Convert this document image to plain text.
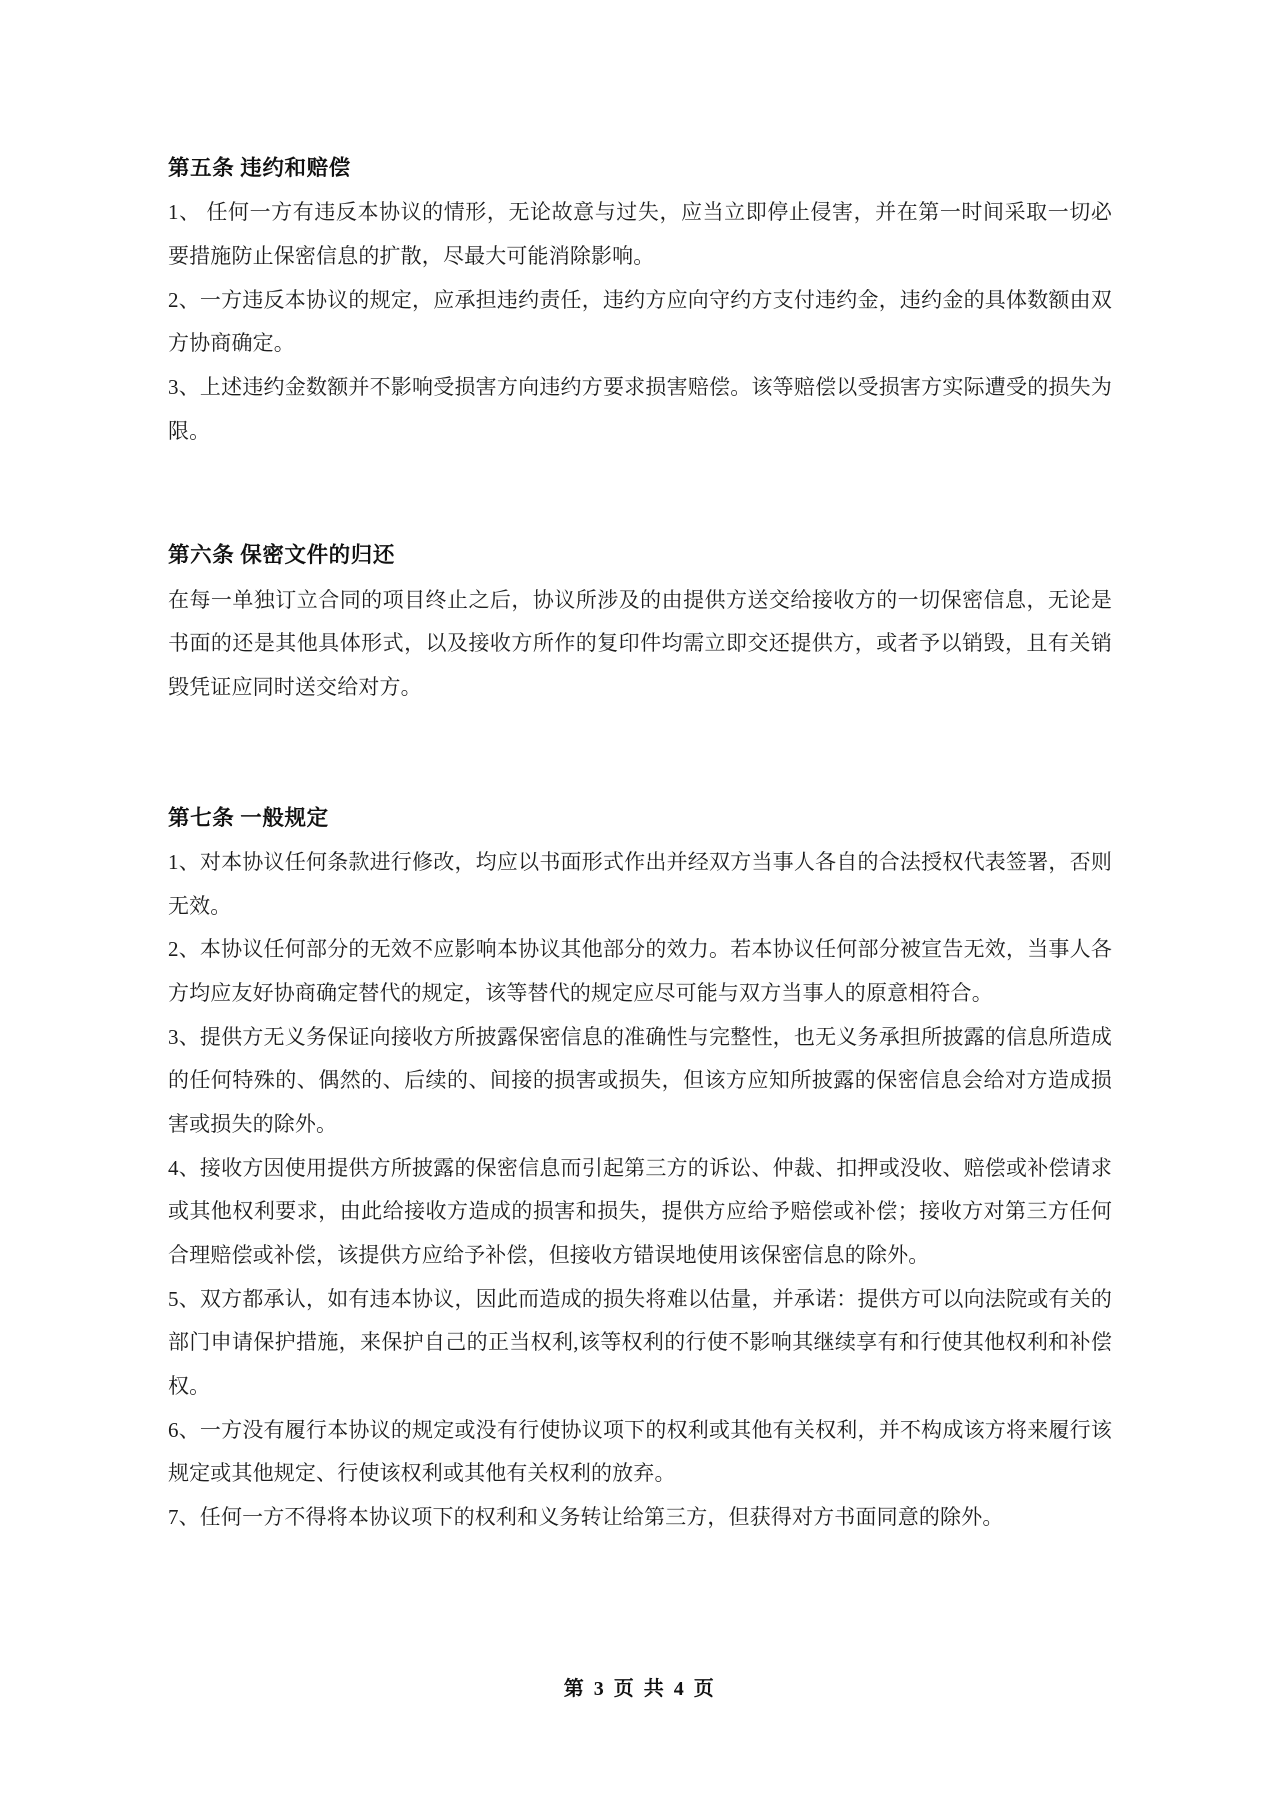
第五条 违约和赔偿

1、 任何一方有违反本协议的情形，无论故意与过失，应当立即停止侵害，并在第一时间采取一切必要措施防止保密信息的扩散，尽最大可能消除影响。

2、一方违反本协议的规定，应承担违约责任，违约方应向守约方支付违约金，违约金的具体数额由双方协商确定。

3、上述违约金数额并不影响受损害方向违约方要求损害赔偿。该等赔偿以受损害方实际遭受的损失为限。

第六条 保密文件的归还

在每一单独订立合同的项目终止之后，协议所涉及的由提供方送交给接收方的一切保密信息，无论是书面的还是其他具体形式，以及接收方所作的复印件均需立即交还提供方，或者予以销毁，且有关销毁凭证应同时送交给对方。

第七条 一般规定

1、对本协议任何条款进行修改，均应以书面形式作出并经双方当事人各自的合法授权代表签署，否则无效。

2、本协议任何部分的无效不应影响本协议其他部分的效力。若本协议任何部分被宣告无效，当事人各方均应友好协商确定替代的规定，该等替代的规定应尽可能与双方当事人的原意相符合。

3、提供方无义务保证向接收方所披露保密信息的准确性与完整性，也无义务承担所披露的信息所造成的任何特殊的、偶然的、后续的、间接的损害或损失，但该方应知所披露的保密信息会给对方造成损害或损失的除外。

4、接收方因使用提供方所披露的保密信息而引起第三方的诉讼、仲裁、扣押或没收、赔偿或补偿请求或其他权利要求，由此给接收方造成的损害和损失，提供方应给予赔偿或补偿；接收方对第三方任何合理赔偿或补偿，该提供方应给予补偿，但接收方错误地使用该保密信息的除外。

5、双方都承认，如有违本协议，因此而造成的损失将难以估量，并承诺：提供方可以向法院或有关的部门申请保护措施，来保护自己的正当权利,该等权利的行使不影响其继续享有和行使其他权利和补偿权。

6、一方没有履行本协议的规定或没有行使协议项下的权利或其他有关权利，并不构成该方将来履行该规定或其他规定、行使该权利或其他有关权利的放弃。

7、任何一方不得将本协议项下的权利和义务转让给第三方，但获得对方书面同意的除外。

第 3 页 共 4 页
